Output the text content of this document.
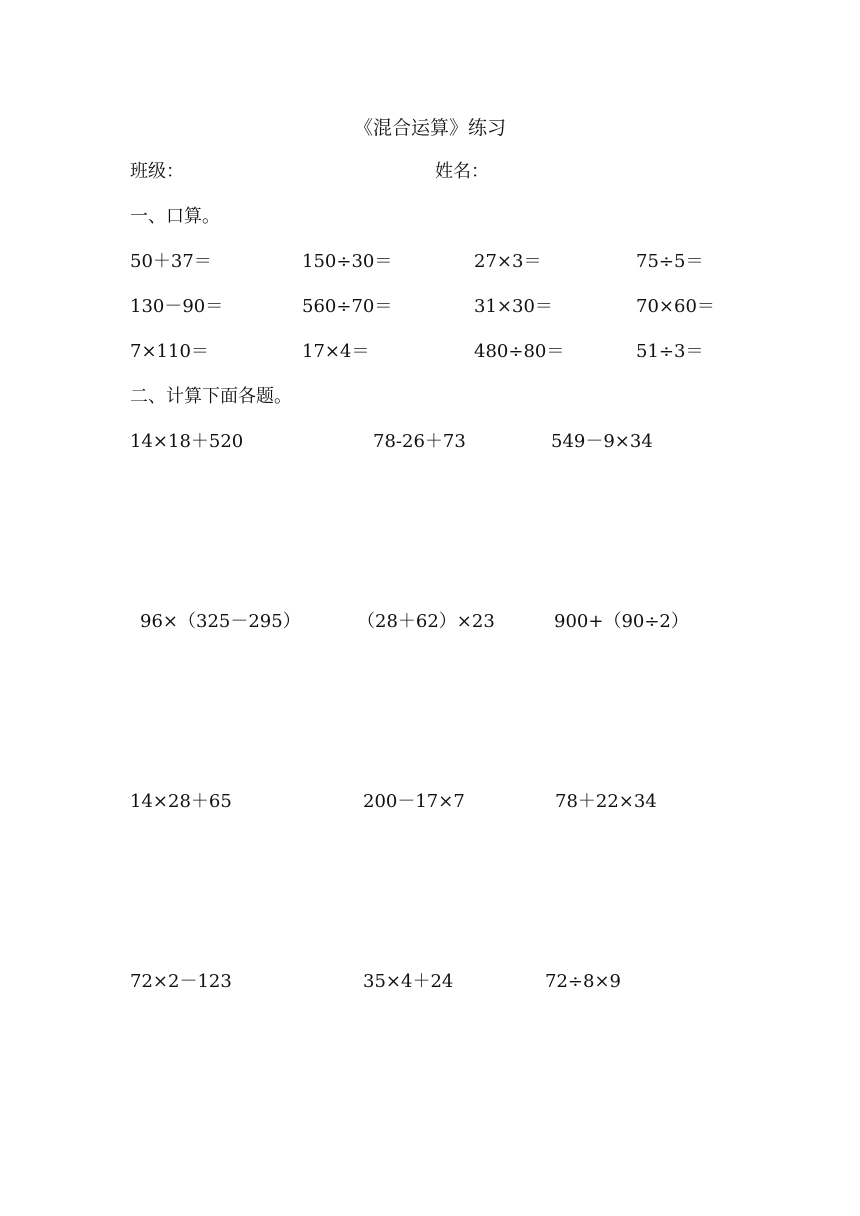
《混合运算》练习
班级：	姓名：
一、口算。
50＋37＝	150÷30＝	27×3＝	75÷5＝
130－90＝	560÷70＝	31×30＝	70×60＝
7×110＝	17×4＝	480÷80＝	51÷3＝
二、计算下面各题。
14×18＋520	78-26＋73	549－9×34
96×（325－295）	（28＋62）×23	900+（90÷2）
14×28＋65	200－17×7	78＋22×34
72×2－123	35×4＋24	72÷8×9
